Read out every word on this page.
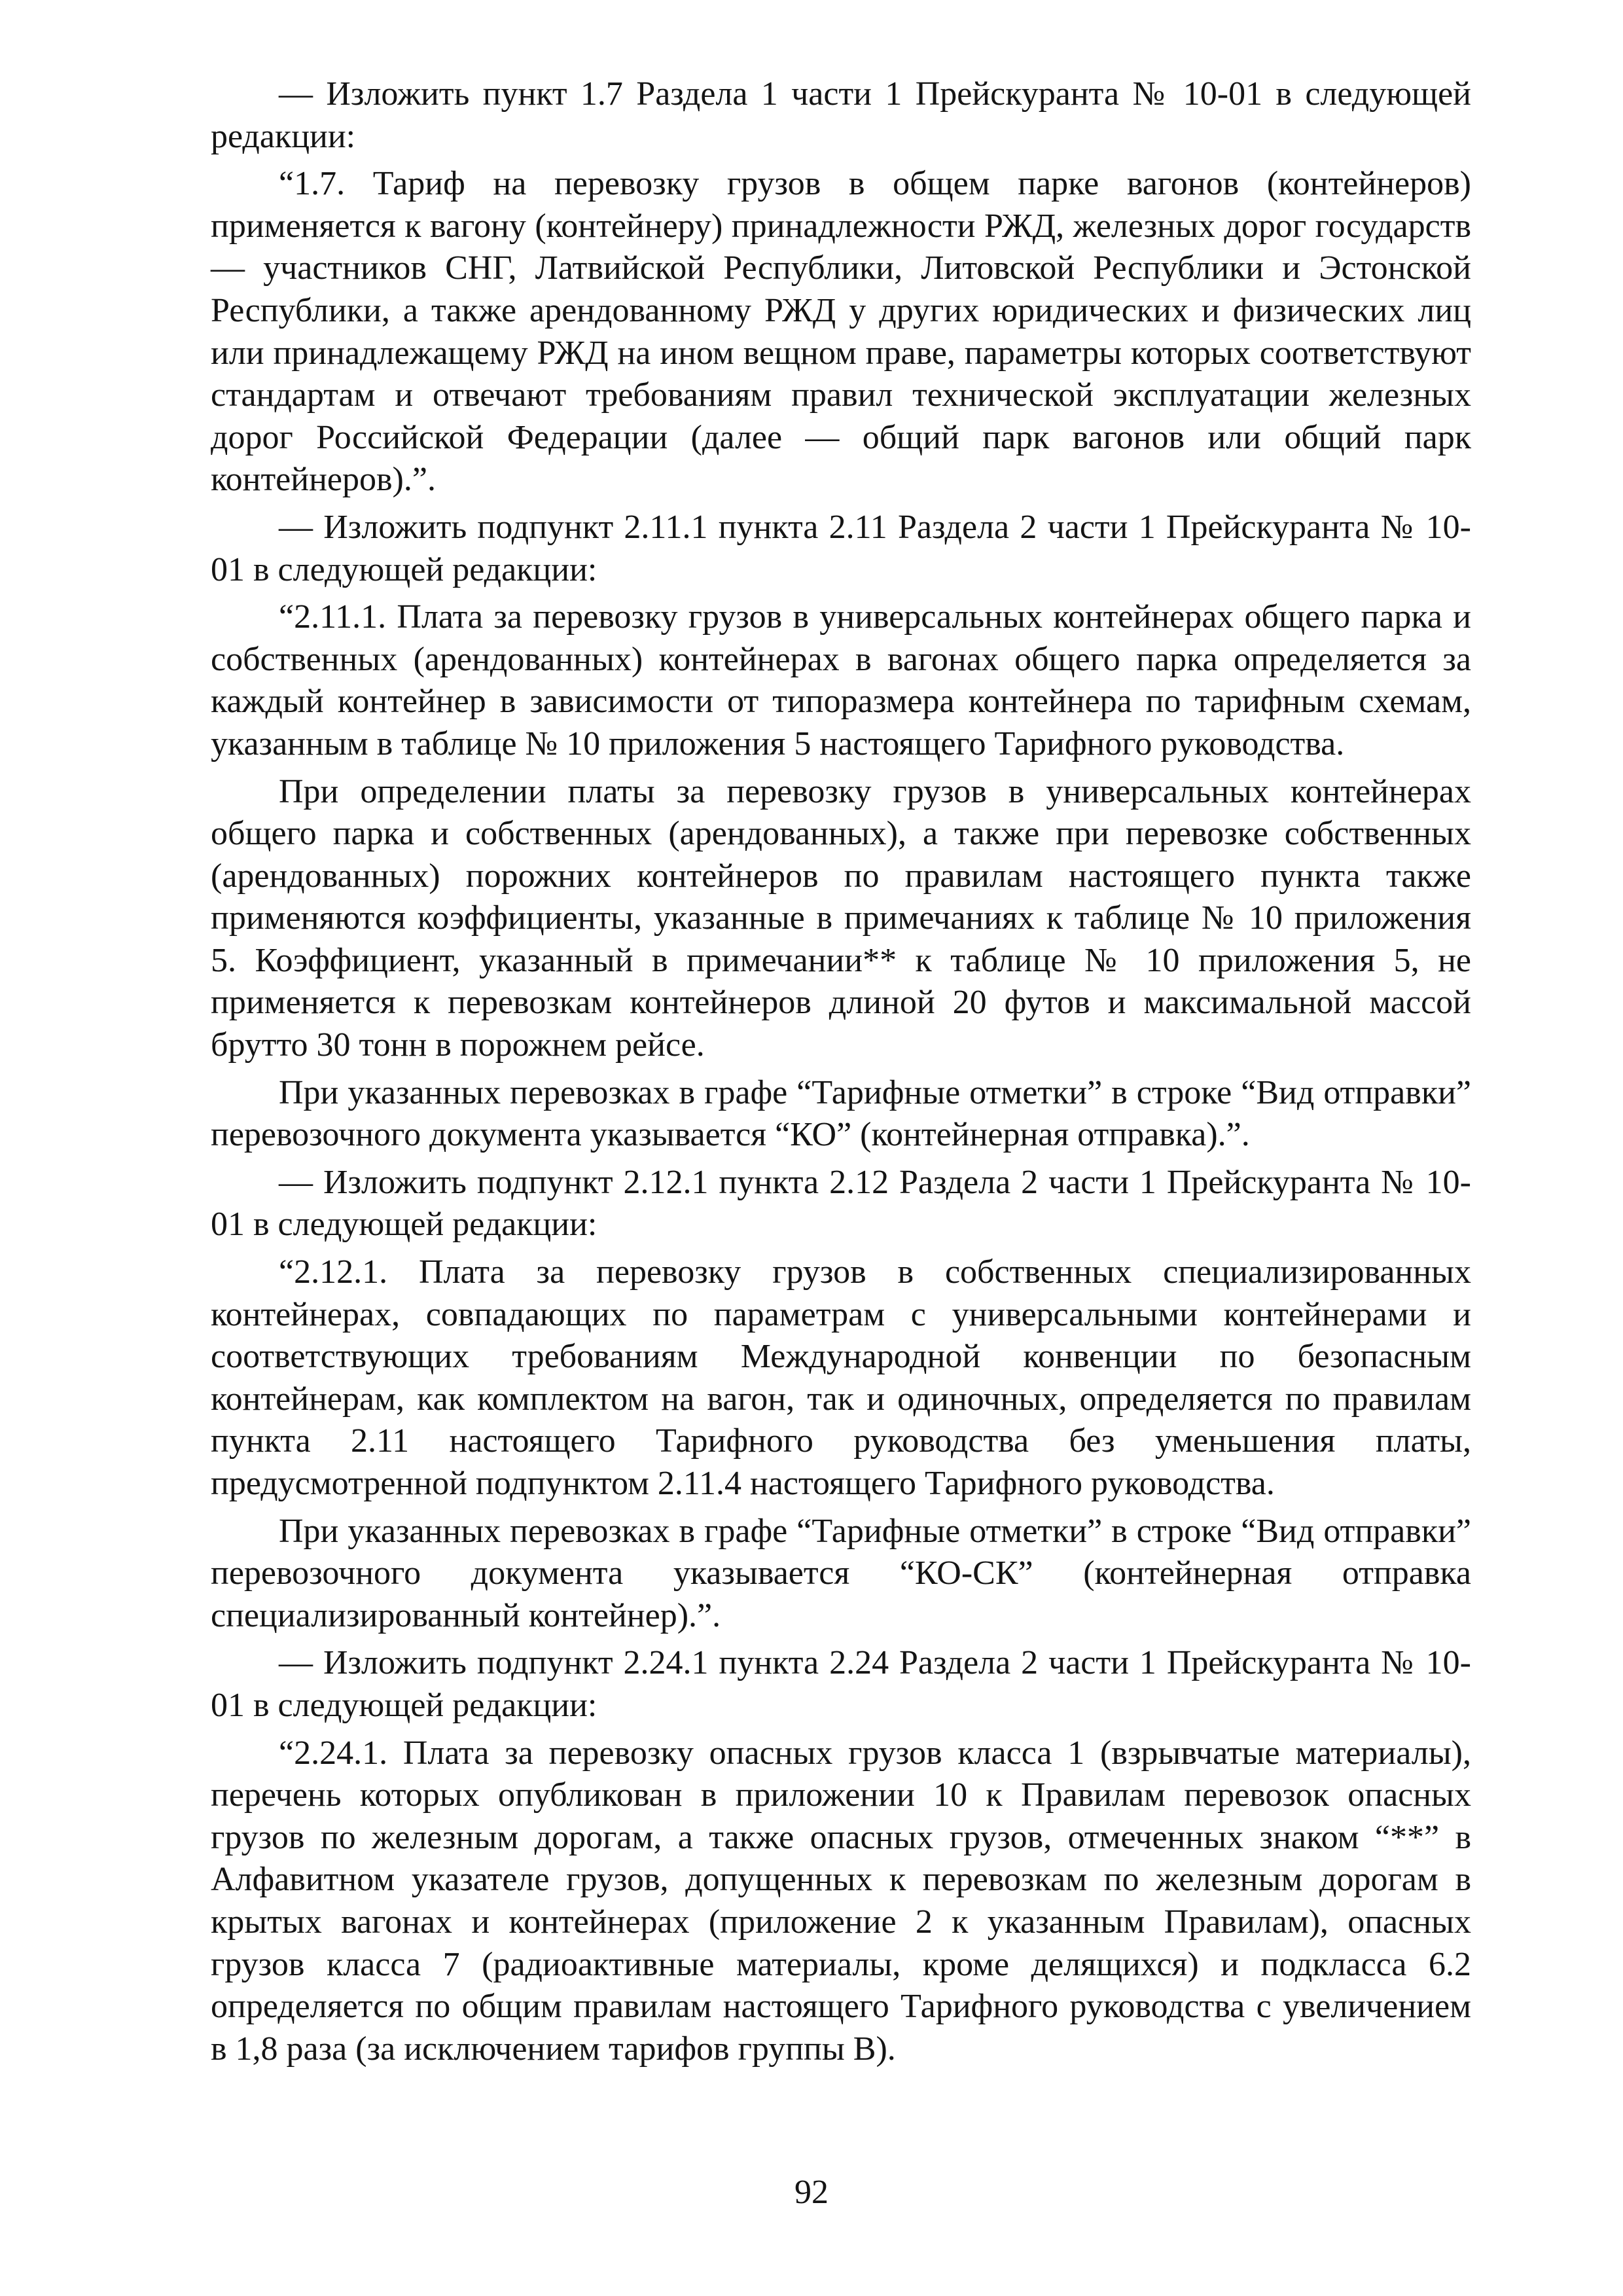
— Изложить пункт 1.7 Раздела 1 части 1 Прейскуранта № 10-01 в следующей редакции:

“1.7. Тариф на перевозку грузов в общем парке вагонов (контейнеров) применяется к вагону (контейнеру) принадлежности РЖД, железных дорог государств — участников СНГ, Латвийской Республики, Литовской Республики и Эстонской Республики, а также арендованному РЖД у других юридических и физических лиц или принадлежащему РЖД на ином вещном праве, параметры которых соответствуют стандартам и отвечают требованиям правил технической эксплуатации железных дорог Российской Федерации (далее — общий парк вагонов или общий парк контейнеров).”.

— Изложить подпункт 2.11.1 пункта 2.11 Раздела 2 части 1 Прейскуранта № 10-01 в следующей редакции:

“2.11.1. Плата за перевозку грузов в универсальных контейнерах общего парка и собственных (арендованных) контейнерах в вагонах общего парка определяется за каждый контейнер в зависимости от типоразмера контейнера по тарифным схемам, указанным в таблице № 10 приложения 5 настоящего Тарифного руководства.

При определении платы за перевозку грузов в универсальных контейнерах общего парка и собственных (арендованных), а также при перевозке собственных (арендованных) порожних контейнеров по правилам настоящего пункта также применяются коэффициенты, указанные в примечаниях к таблице № 10 приложения 5. Коэффициент, указанный в примечании** к таблице № 10 приложения 5, не применяется к перевозкам контейнеров длиной 20 футов и максимальной массой брутто 30 тонн в порожнем рейсе.

При указанных перевозках в графе “Тарифные отметки” в строке “Вид отправки” перевозочного документа указывается “КО” (контейнерная отправка).”.

— Изложить подпункт 2.12.1 пункта 2.12 Раздела 2 части 1 Прейскуранта № 10-01 в следующей редакции:

“2.12.1. Плата за перевозку грузов в собственных специализированных контейнерах, совпадающих по параметрам с универсальными контейнерами и соответствующих требованиям Международной конвенции по безопасным контейнерам, как комплектом на вагон, так и одиночных, определяется по правилам пункта 2.11 настоящего Тарифного руководства без уменьшения платы, предусмотренной подпунктом 2.11.4 настоящего Тарифного руководства.

При указанных перевозках в графе “Тарифные отметки” в строке “Вид отправки” перевозочного документа указывается “КО-СК” (контейнерная отправка специализированный контейнер).”.

— Изложить подпункт 2.24.1 пункта 2.24 Раздела 2 части 1 Прейскуранта № 10-01 в следующей редакции:

“2.24.1. Плата за перевозку опасных грузов класса 1 (взрывчатые материалы), перечень которых опубликован в приложении 10 к Правилам перевозок опасных грузов по железным дорогам, а также опасных грузов, отмеченных знаком “**” в Алфавитном указателе грузов, допущенных к перевозкам по железным дорогам в крытых вагонах и контейнерах (приложение 2 к указанным Правилам), опасных грузов класса 7 (радиоактивные материалы, кроме делящихся) и подкласса 6.2 определяется по общим правилам настоящего Тарифного руководства с увеличением в 1,8 раза (за исключением тарифов группы В).

92
